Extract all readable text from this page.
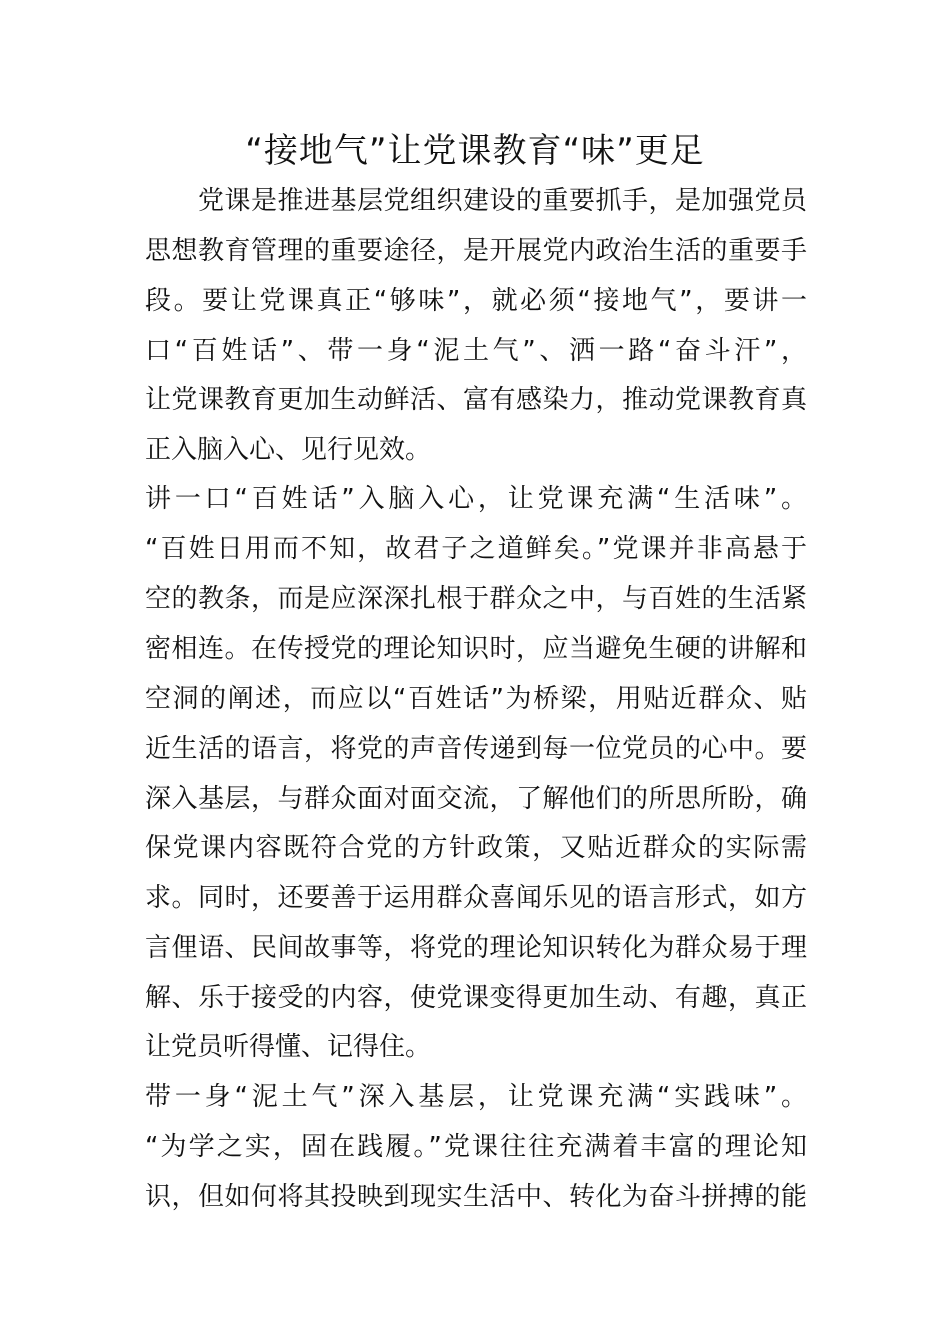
“接地气”让党课教育“味”更足
　　党课是推进基层党组织建设的重要抓手，是加强党员
思想教育管理的重要途径，是开展党内政治生活的重要手
段。要让党课真正“够味”，就必须“接地气”，要讲一
口“百姓话”、带一身“泥土气”、洒一路“奋斗汗”，
让党课教育更加生动鲜活、富有感染力，推动党课教育真
正入脑入心、见行见效。
讲一口“百姓话”入脑入心，让党课充满“生活味”。
“百姓日用而不知，故君子之道鲜矣。”党课并非高悬于
空的教条，而是应深深扎根于群众之中，与百姓的生活紧
密相连。在传授党的理论知识时，应当避免生硬的讲解和
空洞的阐述，而应以“百姓话”为桥梁，用贴近群众、贴
近生活的语言，将党的声音传递到每一位党员的心中。要
深入基层，与群众面对面交流，了解他们的所思所盼，确
保党课内容既符合党的方针政策，又贴近群众的实际需
求。同时，还要善于运用群众喜闻乐见的语言形式，如方
言俚语、民间故事等，将党的理论知识转化为群众易于理
解、乐于接受的内容，使党课变得更加生动、有趣，真正
让党员听得懂、记得住。
带一身“泥土气”深入基层，让党课充满“实践味”。
“为学之实，固在践履。”党课往往充满着丰富的理论知
识，但如何将其投映到现实生活中、转化为奋斗拼搏的能
